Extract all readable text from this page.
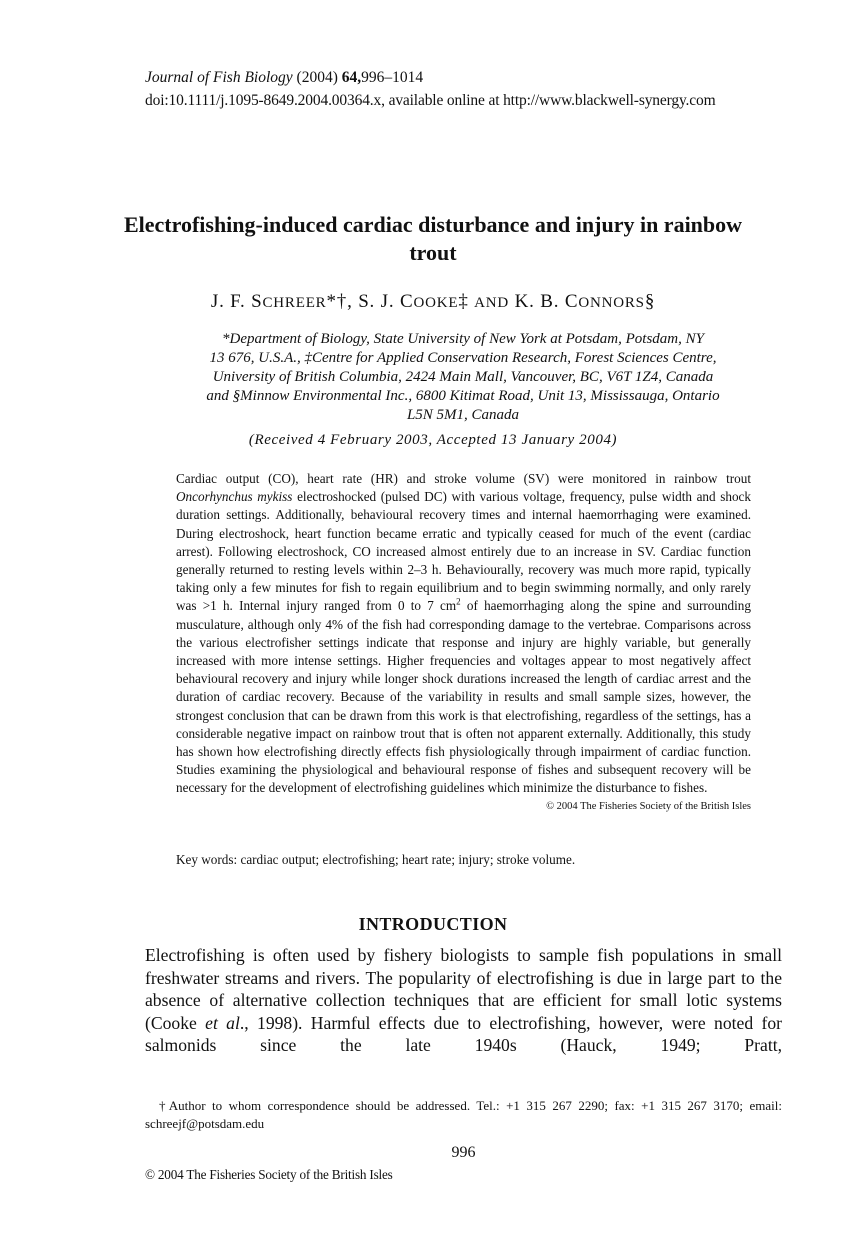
Journal of Fish Biology (2004) 64,996–1014
doi:10.1111/j.1095-8649.2004.00364.x, available online at http://www.blackwell-synergy.com
Electrofishing-induced cardiac disturbance and injury in rainbow trout
J. F. SCHREER*†, S. J. COOKE‡ AND K. B. CONNORS§
*Department of Biology, State University of New York at Potsdam, Potsdam, NY
13 676, U.S.A., ‡Centre for Applied Conservation Research, Forest Sciences Centre,
University of British Columbia, 2424 Main Mall, Vancouver, BC, V6T 1Z4, Canada
and §Minnow Environmental Inc., 6800 Kitimat Road, Unit 13, Mississauga, Ontario
L5N 5M1, Canada
(Received 4 February 2003, Accepted 13 January 2004)
Cardiac output (CO), heart rate (HR) and stroke volume (SV) were monitored in rainbow trout Oncorhynchus mykiss electroshocked (pulsed DC) with various voltage, frequency, pulse width and shock duration settings. Additionally, behavioural recovery times and internal haemorrhaging were examined. During electroshock, heart function became erratic and typically ceased for much of the event (cardiac arrest). Following electroshock, CO increased almost entirely due to an increase in SV. Cardiac function generally returned to resting levels within 2–3 h. Behaviourally, recovery was much more rapid, typically taking only a few minutes for fish to regain equilibrium and to begin swimming normally, and only rarely was >1 h. Internal injury ranged from 0 to 7 $cm^2$ of haemorrhaging along the spine and surrounding musculature, although only 4% of the fish had corresponding damage to the vertebrae. Comparisons across the various electrofisher settings indicate that response and injury are highly variable, but generally increased with more intense settings. Higher frequencies and voltages appear to most negatively affect behavioural recovery and injury while longer shock durations increased the length of cardiac arrest and the duration of cardiac recovery. Because of the variability in results and small sample sizes, however, the strongest conclusion that can be drawn from this work is that electrofishing, regardless of the settings, has a considerable negative impact on rainbow trout that is often not apparent externally. Additionally, this study has shown how electrofishing directly effects fish physiologically through impairment of cardiac function. Studies examining the physiological and behavioural response of fishes and subsequent recovery will be necessary for the development of electrofishing guidelines which minimize the disturbance to fishes.
© 2004 The Fisheries Society of the British Isles
Key words: cardiac output; electrofishing; heart rate; injury; stroke volume.
INTRODUCTION
Electrofishing is often used by fishery biologists to sample fish populations in small freshwater streams and rivers. The popularity of electrofishing is due in large part to the absence of alternative collection techniques that are efficient for small lotic systems (Cooke et al., 1998). Harmful effects due to electrofishing, however, were noted for salmonids since the late 1940s (Hauck, 1949; Pratt,
†Author to whom correspondence should be addressed. Tel.: +1 315 267 2290; fax: +1 315 267 3170; email: schreejf@potsdam.edu
996
© 2004 The Fisheries Society of the British Isles
